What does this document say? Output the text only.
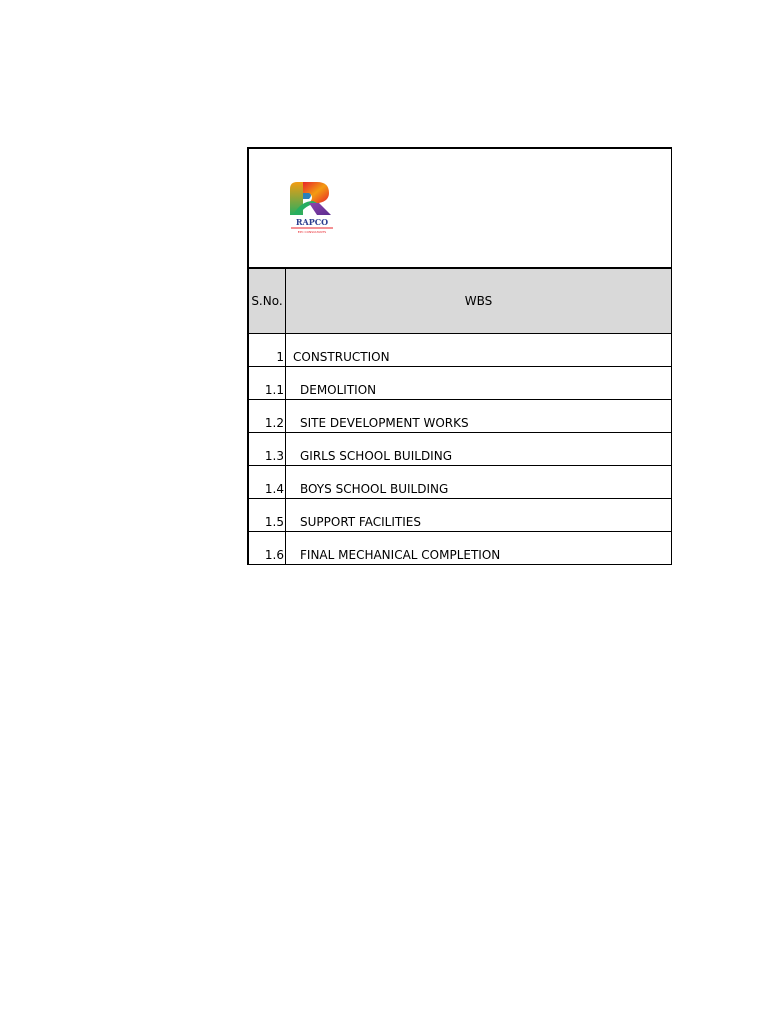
RAPCO
EPC CONSULTANTS
S.No.	WBS
1 CONSTRUCTION
1.1	DEMOLITION
1.2	SITE DEVELOPMENT WORKS
1.3	GIRLS SCHOOL BUILDING
1.4	BOYS SCHOOL BUILDING
1.5	SUPPORT FACILITIES
1.6	FINAL MECHANICAL COMPLETION
